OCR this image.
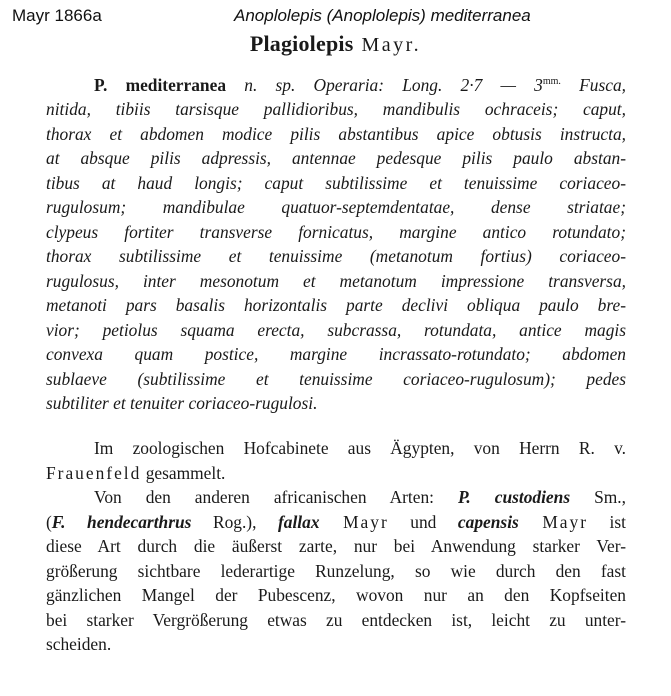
Mayr 1866a	Anoplolepis (Anoplolepis) mediterranea
Plagiolepis Mayr.
P. mediterranea n. sp. Operaria: Long. 2·7 — $3^{mm.}$ Fusca,
nitida, tibiis tarsisque pallidioribus, mandibulis ochraceis; caput,
thorax et abdomen modice pilis abstantibus apice obtusis instructa,
at absque pilis adpressis, antennae pedesque pilis paulo abstan-
tibus at haud longis; caput subtilissime et tenuissime coriaceo-
rugulosum; mandibulae quatuor-septemdentatae, dense striatae;
clypeus fortiter transverse fornicatus, margine antico rotundato;
thorax subtilissime et tenuissime (metanotum fortius) coriaceo-
rugulosus, inter mesonotum et metanotum impressione transversa,
metanoti pars basalis horizontalis parte declivi obliqua paulo bre-
vior; petiolus squama erecta, subcrassa, rotundata, antice magis
convexa quam postice, margine incrassato-rotundato; abdomen
sublaeve (subtilissime et tenuissime coriaceo-rugulosum); pedes
subtiliter et tenuiter coriaceo-rugulosi.
Im zoologischen Hofcabinete aus Ägypten, von Herrn R. v.
Frauenfeld gesammelt.
Von den anderen africanischen Arten: P. custodiens Sm.,
(F. hendecarthrus Rog.), fallax Mayr und capensis Mayr ist
diese Art durch die äußerst zarte, nur bei Anwendung starker Ver-
größerung sichtbare lederartige Runzelung, so wie durch den fast
gänzlichen Mangel der Pubescenz, wovon nur an den Kopfseiten
bei starker Vergrößerung etwas zu entdecken ist, leicht zu unter-
scheiden.
